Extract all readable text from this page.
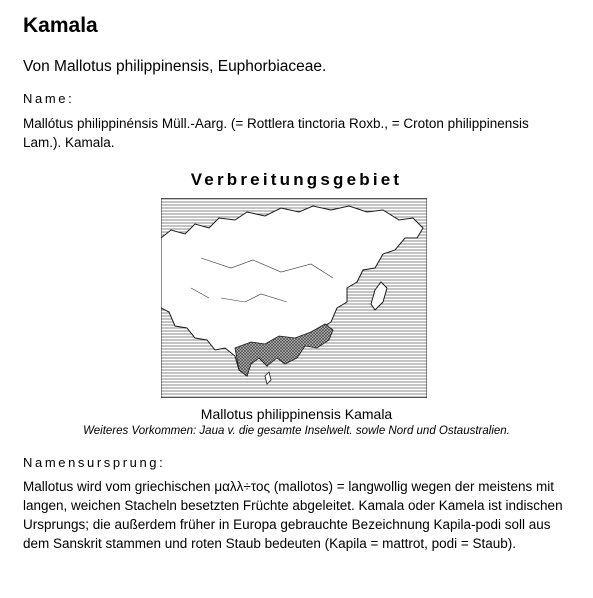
Kamala

Von Mallotus philippinensis, Euphorbiaceae.

Name:

Mallótus philippinénsis Müll.-Aarg. (= Rottlera tinctoria Roxb., = Croton philippinensis Lam.). Kamala.

Verbreitungsgebiet

Mallotus philippinensis Kamala

Weiteres Vorkommen: Jaua v. die gesamte Inselwelt. sowle Nord und Ostaustralien.

Namensursprung:

Mallotus wird vom griechischen μαλλ÷τος (mallotos) = langwollig wegen der meistens mit langen, weichen Stacheln besetzten Früchte abgeleitet. Kamala oder Kamela ist indischen Ursprungs; die außerdem früher in Europa gebrauchte Bezeichnung Kapila-podi soll aus dem Sanskrit stammen und roten Staub bedeuten (Kapila = mattrot, podi = Staub).
